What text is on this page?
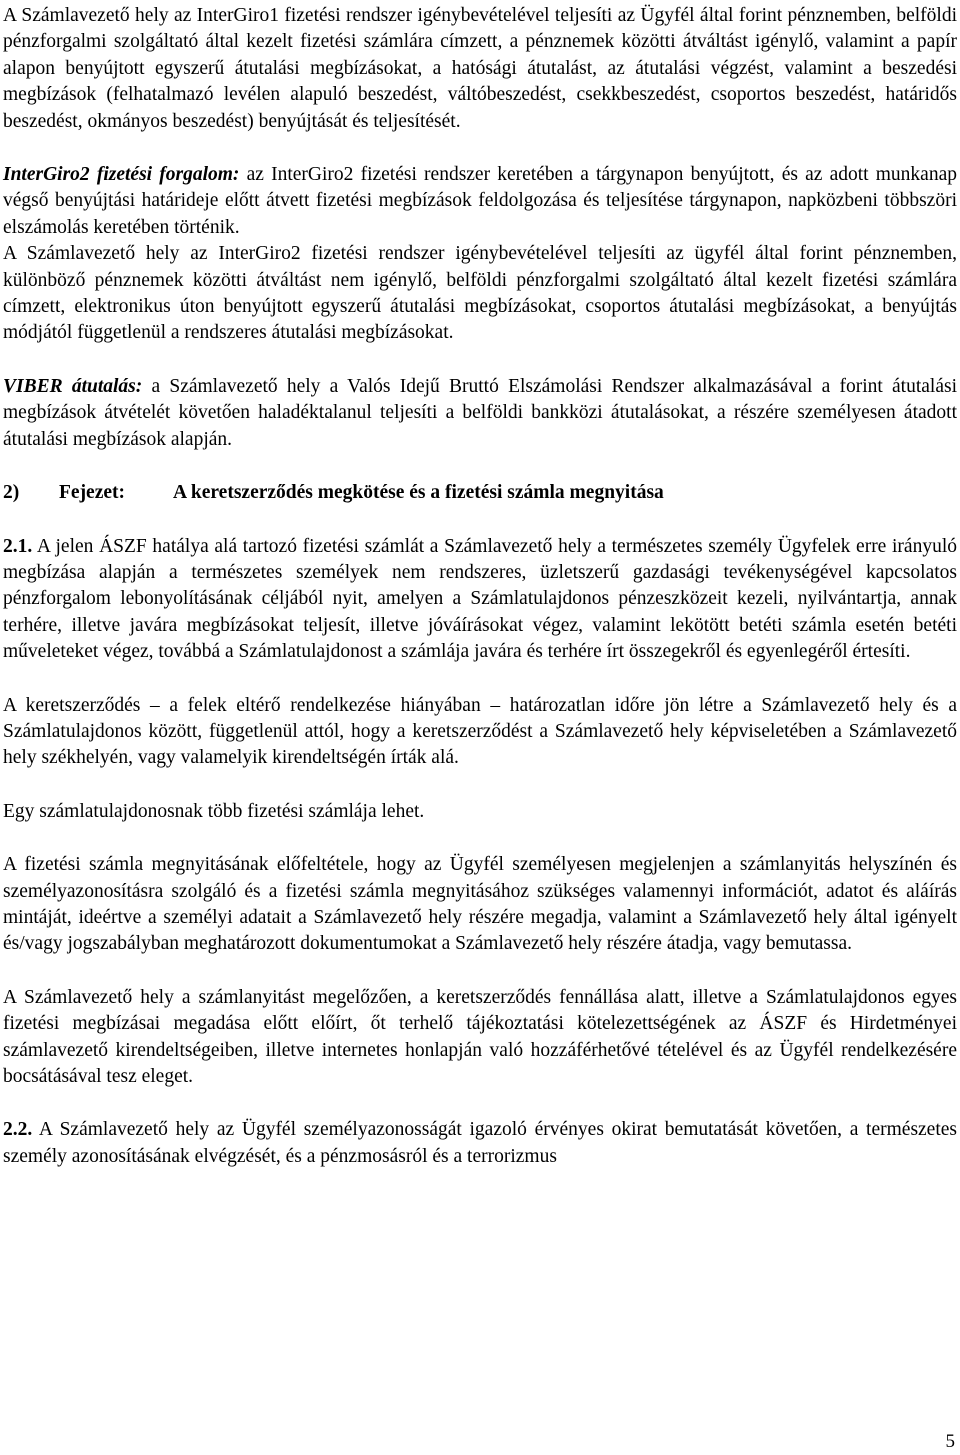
A Számlavezető hely az InterGiro1 fizetési rendszer igénybevételével teljesíti az Ügyfél által forint pénznemben, belföldi pénzforgalmi szolgáltató által kezelt fizetési számlára címzett, a pénznemek közötti átváltást igénylő, valamint a papír alapon benyújtott egyszerű átutalási megbízásokat, a hatósági átutalást, az átutalási végzést, valamint a beszedési megbízások (felhatalmazó levélen alapuló beszedést, váltóbeszedést, csekkbeszedést, csoportos beszedést, határidős beszedést, okmányos beszedést) benyújtását és teljesítését.

InterGiro2 fizetési forgalom: az InterGiro2 fizetési rendszer keretében a tárgynapon benyújtott, és az adott munkanap végső benyújtási határideje előtt átvett fizetési megbízások feldolgozása és teljesítése tárgynapon, napközbeni többszöri elszámolás keretében történik.

A Számlavezető hely az InterGiro2 fizetési rendszer igénybevételével teljesíti az ügyfél által forint pénznemben, különböző pénznemek közötti átváltást nem igénylő, belföldi pénzforgalmi szolgáltató által kezelt fizetési számlára címzett, elektronikus úton benyújtott egyszerű átutalási megbízásokat, csoportos átutalási megbízásokat, a benyújtás módjától függetlenül a rendszeres átutalási megbízásokat.

VIBER átutalás: a Számlavezető hely a Valós Idejű Bruttó Elszámolási Rendszer alkalmazásával a forint átutalási megbízások átvételét követően haladéktalanul teljesíti a belföldi bankközi átutalásokat, a részére személyesen átadott átutalási megbízások alapján.

2) Fejezet: A keretszerződés megkötése és a fizetési számla megnyitása

2.1. A jelen ÁSZF hatálya alá tartozó fizetési számlát a Számlavezető hely a természetes személy Ügyfelek erre irányuló megbízása alapján a természetes személyek nem rendszeres, üzletszerű gazdasági tevékenységével kapcsolatos pénzforgalom lebonyolításának céljából nyit, amelyen a Számlatulajdonos pénzeszközeit kezeli, nyilvántartja, annak terhére, illetve javára megbízásokat teljesít, illetve jóváírásokat végez, valamint lekötött betéti számla esetén betéti műveleteket végez, továbbá a Számlatulajdonost a számlája javára és terhére írt összegekről és egyenlegéről értesíti.

A keretszerződés – a felek eltérő rendelkezése hiányában – határozatlan időre jön létre a Számlavezető hely és a Számlatulajdonos között, függetlenül attól, hogy a keretszerződést a Számlavezető hely képviseletében a Számlavezető hely székhelyén, vagy valamelyik kirendeltségén írták alá.

Egy számlatulajdonosnak több fizetési számlája lehet.

A fizetési számla megnyitásának előfeltétele, hogy az Ügyfél személyesen megjelenjen a számlanyitás helyszínén és személyazonosításra szolgáló és a fizetési számla megnyitásához szükséges valamennyi információt, adatot és aláírás mintáját, ideértve a személyi adatait a Számlavezető hely részére megadja, valamint a Számlavezető hely által igényelt és/vagy jogszabályban meghatározott dokumentumokat a Számlavezető hely részére átadja, vagy bemutassa.

A Számlavezető hely a számlanyitást megelőzően, a keretszerződés fennállása alatt, illetve a Számlatulajdonos egyes fizetési megbízásai megadása előtt előírt, őt terhelő tájékoztatási kötelezettségének az ÁSZF és Hirdetményei számlavezető kirendeltségeiben, illetve internetes honlapján való hozzáférhetővé tételével és az Ügyfél rendelkezésére bocsátásával tesz eleget.

2.2. A Számlavezető hely az Ügyfél személyazonosságát igazoló érvényes okirat bemutatását követően, a természetes személy azonosításának elvégzését, és a pénzmosásról és a terrorizmus

5
